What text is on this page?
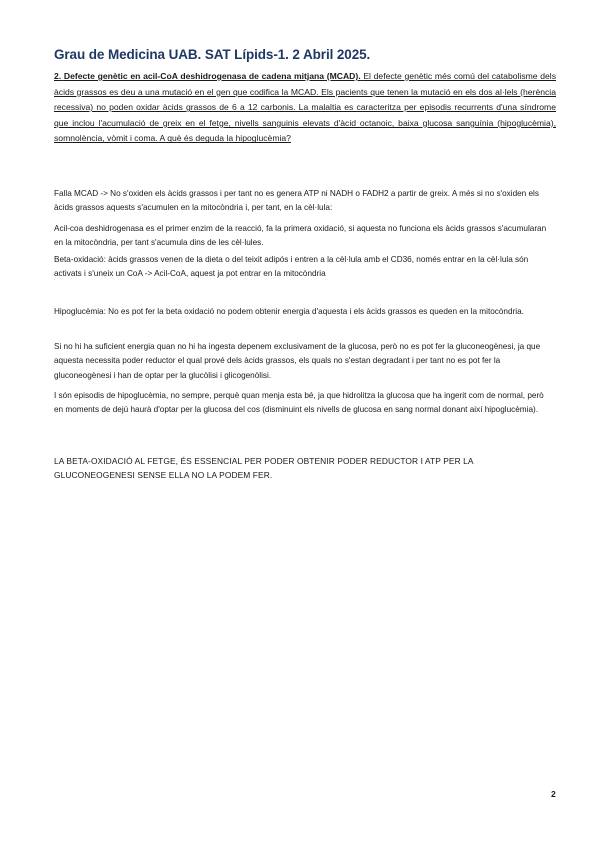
Grau de Medicina UAB. SAT Lípids-1. 2 Abril 2025.

2. Defecte genètic en acil-CoA deshidrogenasa de cadena mitjana (MCAD). El defecte genètic més comú del catabolisme dels àcids grassos es deu a una mutació en el gen que codifica la MCAD. Els pacients que tenen la mutació en els dos al·lels (herència recessiva) no poden oxidar àcids grassos de 6 a 12 carbonis. La malaltia es caracteritza per episodis recurrents d'una síndrome que inclou l'acumulació de greix en el fetge, nivells sanguinis elevats d'àcid octanoic, baixa glucosa sanguínia (hipoglucèmia), somnolència, vòmit i coma. A què és deguda la hipoglucèmia?

Falla MCAD -> No s'oxiden els àcids grassos i per tant no es genera ATP ni NADH o FADH2 a partir de greix. A més si no s'oxiden els àcids grassos aquests s'acumulen en la mitocòndria i, per tant, en la cèl·lula:

Acil-coa deshidrogenasa es el primer enzim de la reacció, fa la primera oxidació, si aquesta no funciona els àcids grassos s'acumularan en la mitocòndria, per tant s'acumula dins de les cèl·lules.

Beta-oxidació: àcids grassos venen de la dieta o del teixit adipós i entren a la cèl·lula amb el CD36, només entrar en la cèl·lula són activats i s'uneix un CoA -> Acil-CoA, aquest ja pot entrar en la mitocòndria

Hipoglucèmia: No es pot fer la beta oxidació no podem obtenir energia d'aquesta i els àcids grassos es queden en la mitocòndria.

Si no hi ha suficient energia quan no hi ha ingesta depenem exclusivament de la glucosa, però no es pot fer la gluconeogènesi, ja que aquesta necessita poder reductor el qual prové dels àcids grassos, els quals no s'estan degradant i per tant no es pot fer la gluconeogènesi i han de optar per la glucòlisi i glicogenòlisi.

I són episodis de hipoglucèmia, no sempre, perquè quan menja esta bé, ja que hidrolitza la glucosa que ha ingerit com de normal, però en moments de dejú haurà d'optar per la glucosa del cos (disminuint els nivells de glucosa en sang normal donant així hipoglucèmia).

LA BETA-OXIDACIÓ AL FETGE, ÉS ESSENCIAL PER PODER OBTENIR PODER REDUCTOR I ATP PER LA GLUCONEOGENESI SENSE ELLA NO LA PODEM FER.

2
